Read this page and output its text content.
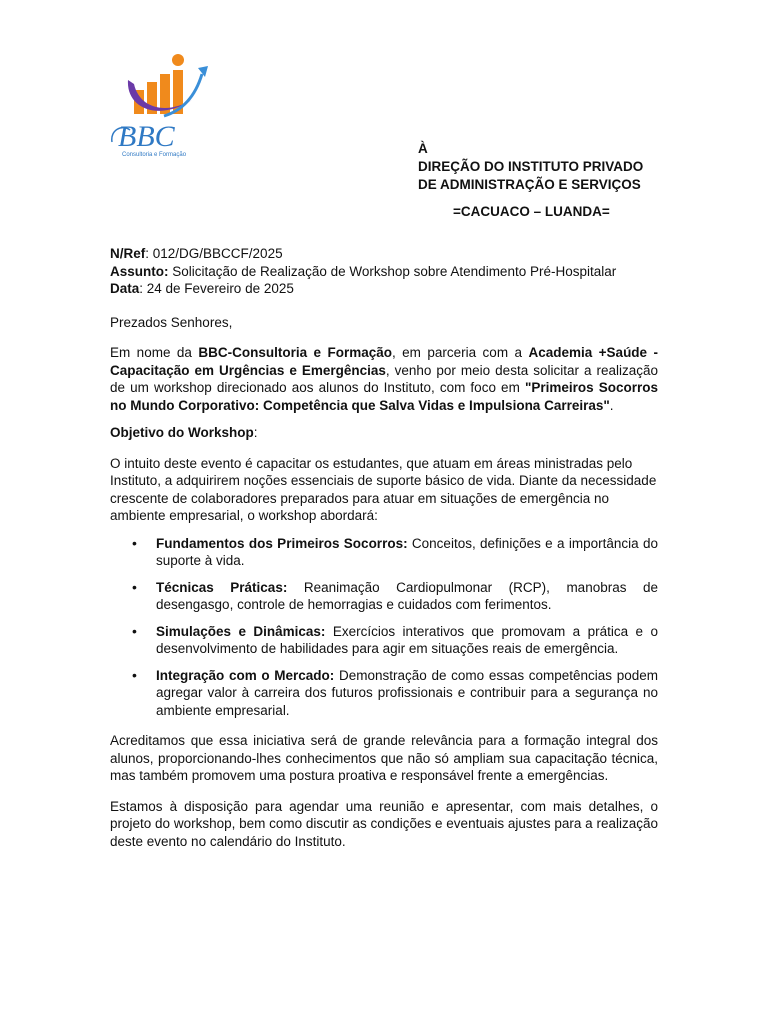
BBC
Consultoria e Formação	À
DIREÇÃO DO INSTITUTO PRIVADO
DE ADMINISTRAÇÃO E SERVIÇOS
=CACUACO – LUANDA=

N/Ref: 012/DG/BBCCF/2025

Assunto: Solicitação de Realização de Workshop sobre Atendimento Pré-Hospitalar

Data: 24 de Fevereiro de 2025

Prezados Senhores,

Em nome da BBC-Consultoria e Formação, em parceria com a Academia +Saúde - Capacitação em Urgências e Emergências, venho por meio desta solicitar a realização de um workshop direcionado aos alunos do Instituto, com foco em "Primeiros Socorros no Mundo Corporativo: Competência que Salva Vidas e Impulsiona Carreiras".

Objetivo do Workshop:

O intuito deste evento é capacitar os estudantes, que atuam em áreas ministradas pelo Instituto, a adquirirem noções essenciais de suporte básico de vida. Diante da necessidade crescente de colaboradores preparados para atuar em situações de emergência no ambiente empresarial, o workshop abordará:

• Fundamentos dos Primeiros Socorros: Conceitos, definições e a importância do suporte à vida.
• Técnicas Práticas: Reanimação Cardiopulmonar (RCP), manobras de desengasgo, controle de hemorragias e cuidados com ferimentos.
• Simulações e Dinâmicas: Exercícios interativos que promovam a prática e o desenvolvimento de habilidades para agir em situações reais de emergência.
• Integração com o Mercado: Demonstração de como essas competências podem agregar valor à carreira dos futuros profissionais e contribuir para a segurança no ambiente empresarial.

Acreditamos que essa iniciativa será de grande relevância para a formação integral dos alunos, proporcionando-lhes conhecimentos que não só ampliam sua capacitação técnica, mas também promovem uma postura proativa e responsável frente a emergências.

Estamos à disposição para agendar uma reunião e apresentar, com mais detalhes, o projeto do workshop, bem como discutir as condições e eventuais ajustes para a realização deste evento no calendário do Instituto.
